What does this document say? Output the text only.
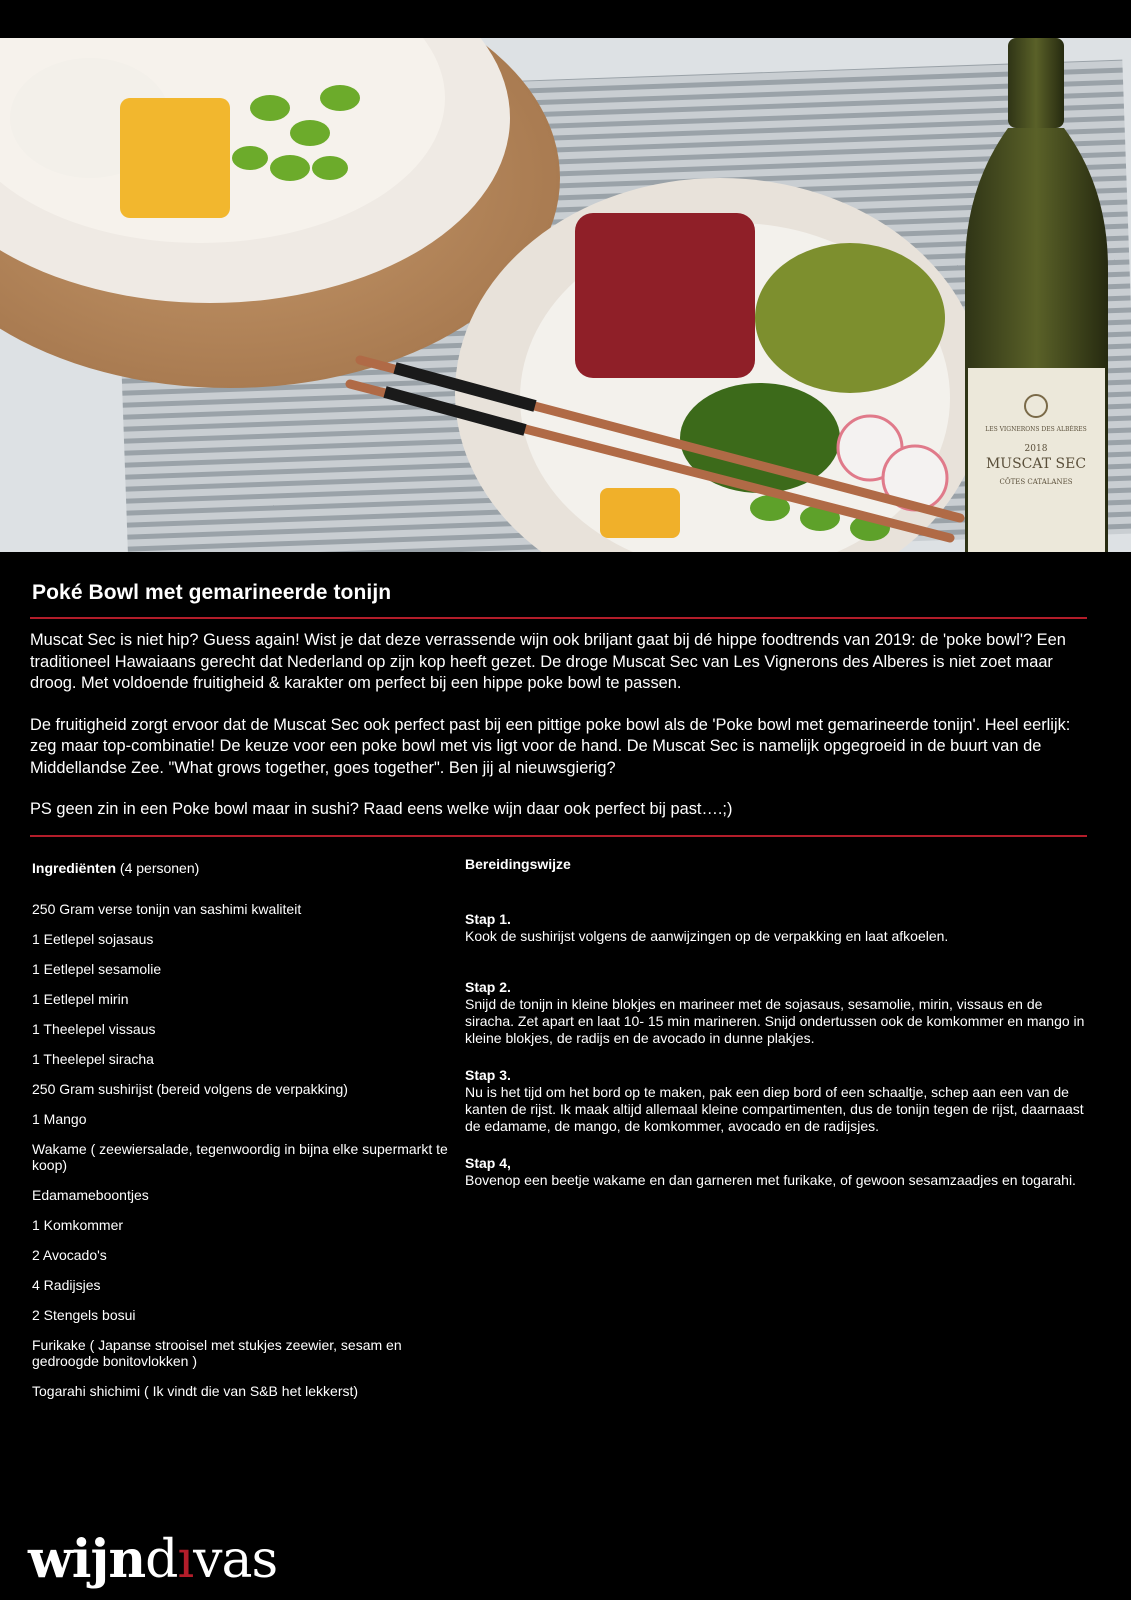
LES VIGNERONS DES ALBÈRES
2018
MUSCAT SEC
CÔTES CATALANES
Poké Bowl met gemarineerde tonijn

Muscat Sec is niet hip? Guess again! Wist je dat deze verrassende wijn ook briljant gaat bij dé hippe foodtrends van 2019: de 'poke bowl'? Een traditioneel Hawaiaans gerecht dat Nederland op zijn kop heeft gezet. De droge Muscat Sec van Les Vignerons des Alberes is niet zoet maar droog. Met voldoende fruitigheid & karakter om perfect bij een hippe poke bowl te passen.

De fruitigheid zorgt ervoor dat de Muscat Sec ook perfect past bij een pittige poke bowl als de 'Poke bowl met gemarineerde tonijn'. Heel eerlijk: zeg maar top-combinatie! De keuze voor een poke bowl met vis ligt voor de hand. De Muscat Sec is namelijk opgegroeid in de buurt van de Middellandse Zee. "What grows together, goes together". Ben jij al nieuwsgierig?

PS geen zin in een Poke bowl maar in sushi? Raad eens welke wijn daar ook perfect bij past….;)

Ingrediënten (4 personen)
250 Gram verse tonijn van sashimi kwaliteit
1 Eetlepel sojasaus
1 Eetlepel sesamolie
1 Eetlepel mirin
1 Theelepel vissaus
1 Theelepel siracha
250 Gram sushirijst (bereid volgens de verpakking)
1 Mango
Wakame ( zeewiersalade, tegenwoordig in bijna elke supermarkt te koop)
Edamameboontjes
1 Komkommer
2 Avocado's
4 Radijsjes
2 Stengels bosui
Furikake ( Japanse strooisel met stukjes zeewier, sesam en gedroogde bonitovlokken )
Togarahi shichimi ( Ik vindt die van S&B het lekkerst)
Bereidingswijze
Stap 1.
Kook de sushirijst volgens de aanwijzingen op de verpakking en laat afkoelen.
Stap 2.
Snijd de tonijn in kleine blokjes en marineer met de sojasaus, sesamolie, mirin, vissaus en de siracha. Zet apart en laat 10- 15 min marineren. Snijd ondertussen ook de komkommer en mango in kleine blokjes, de radijs en de avocado in dunne plakjes.
Stap 3.
Nu is het tijd om het bord op te maken, pak een diep bord of een schaaltje, schep aan een van de kanten de rijst. Ik maak altijd allemaal kleine compartimenten, dus de tonijn tegen de rijst, daarnaast de edamame, de mango, de komkommer, avocado en de radijsjes.
Stap 4,
Bovenop een beetje wakame en dan garneren met furikake, of gewoon sesamzaadjes en togarahi.
wijndıvas
